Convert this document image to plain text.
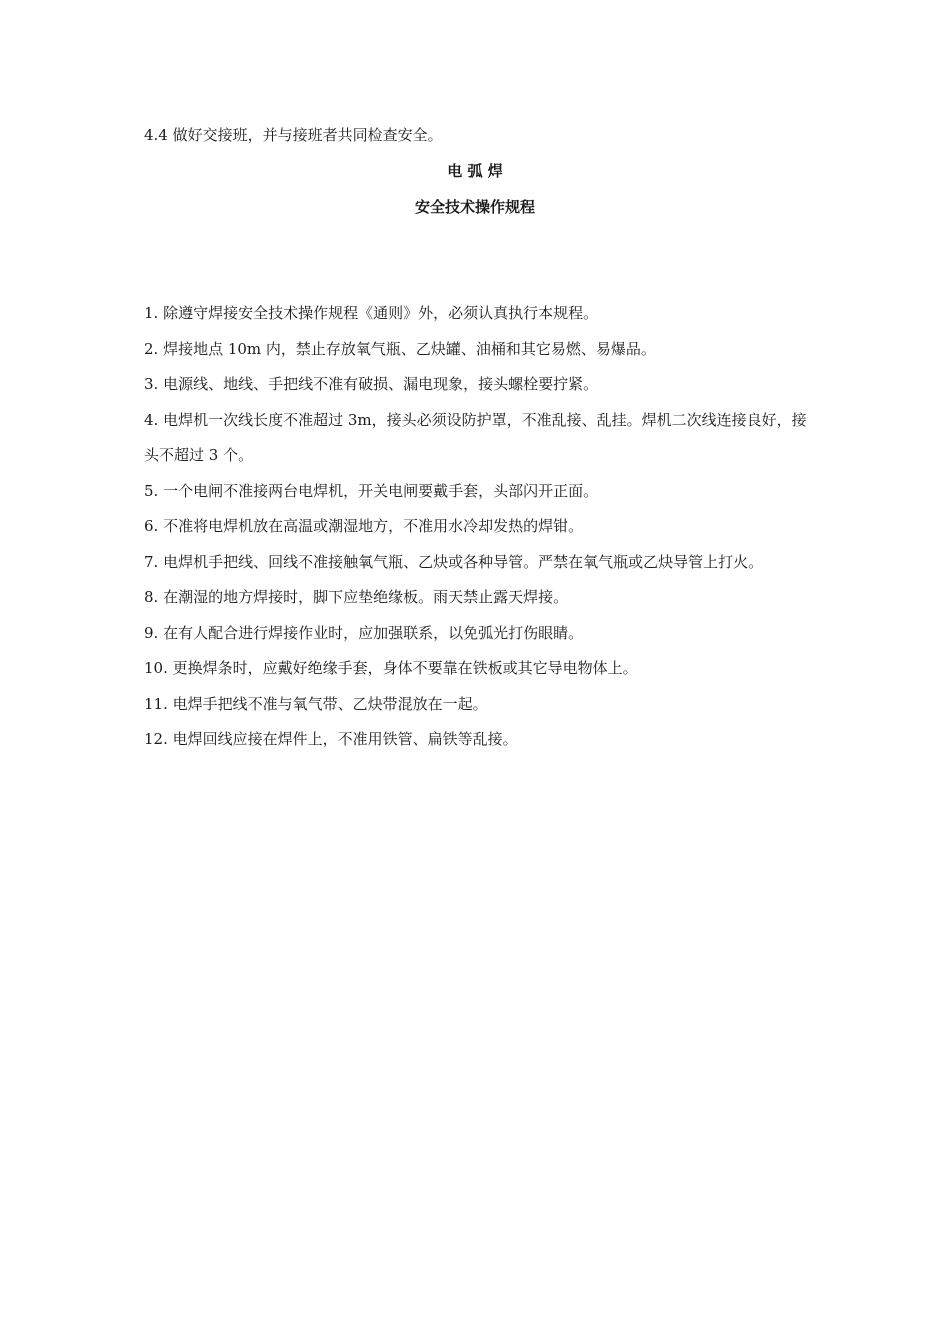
4.4 做好交接班，并与接班者共同检查安全。
电 弧 焊
安全技术操作规程
1. 除遵守焊接安全技术操作规程《通则》外，必须认真执行本规程。
2. 焊接地点 10m 内，禁止存放氧气瓶、乙炔罐、油桶和其它易燃、易爆品。
3. 电源线、地线、手把线不准有破损、漏电现象，接头螺栓要拧紧。
4. 电焊机一次线长度不准超过 3m，接头必须设防护罩，不准乱接、乱挂。焊机二次线连接良好，接头不超过 3 个。
5. 一个电闸不准接两台电焊机，开关电闸要戴手套，头部闪开正面。
6. 不准将电焊机放在高温或潮湿地方，不准用水冷却发热的焊钳。
7. 电焊机手把线、回线不准接触氧气瓶、乙炔或各种导管。严禁在氧气瓶或乙炔导管上打火。
8. 在潮湿的地方焊接时，脚下应垫绝缘板。雨天禁止露天焊接。
9. 在有人配合进行焊接作业时，应加强联系，以免弧光打伤眼睛。
10. 更换焊条时，应戴好绝缘手套，身体不要靠在铁板或其它导电物体上。
11. 电焊手把线不准与氧气带、乙炔带混放在一起。
12. 电焊回线应接在焊件上，不准用铁管、扁铁等乱接。
